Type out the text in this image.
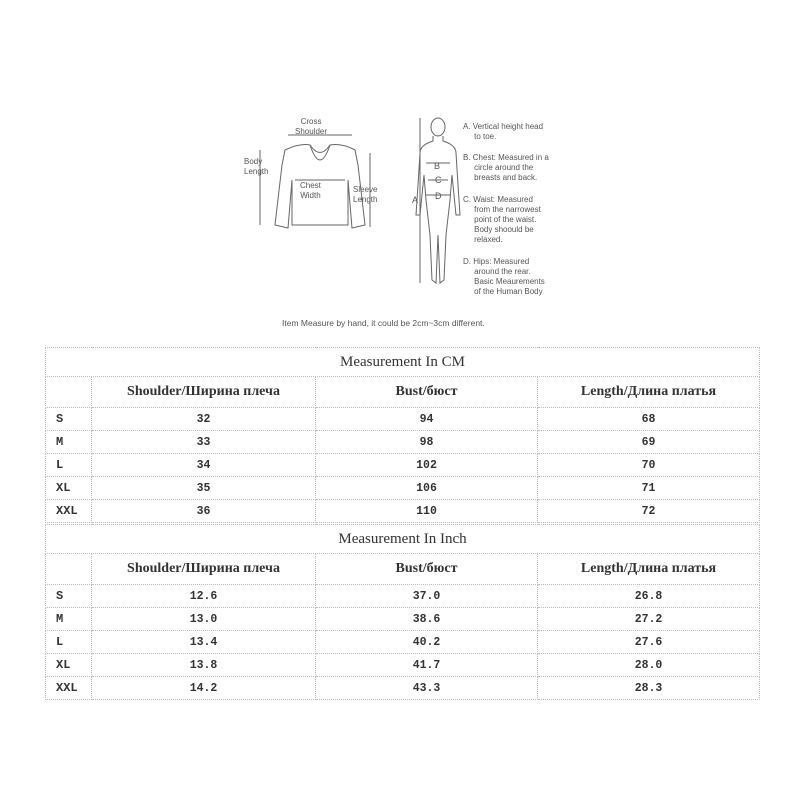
Cross
Shoulder
Body
Length
Chest
Width
Sleeve
Length	A
B
C
D
A. Vertical height head
to toe.
B. Chest: Measured in a
circle around the
breasts and back.
C. Waist: Measured
from the narrowest
point of the waist.
Body shoould be
relaxed.
D. Hips: Measured
around the rear.
Basic Meaurements
of the Human Body
Item Measure by hand, it could be 2cm~3cm different.
Measurement In CM			
	Shoulder/Ширина плеча	Bust/бюст	Length/Длина платья
S	32	94	68
M	33	98	69
L	34	102	70
XL	35	106	71
XXL	36	110	72
Measurement In Inch			
	Shoulder/Ширина плеча	Bust/бюст	Length/Длина платья
S	12.6	37.0	26.8
M	13.0	38.6	27.2
L	13.4	40.2	27.6
XL	13.8	41.7	28.0
XXL	14.2	43.3	28.3
